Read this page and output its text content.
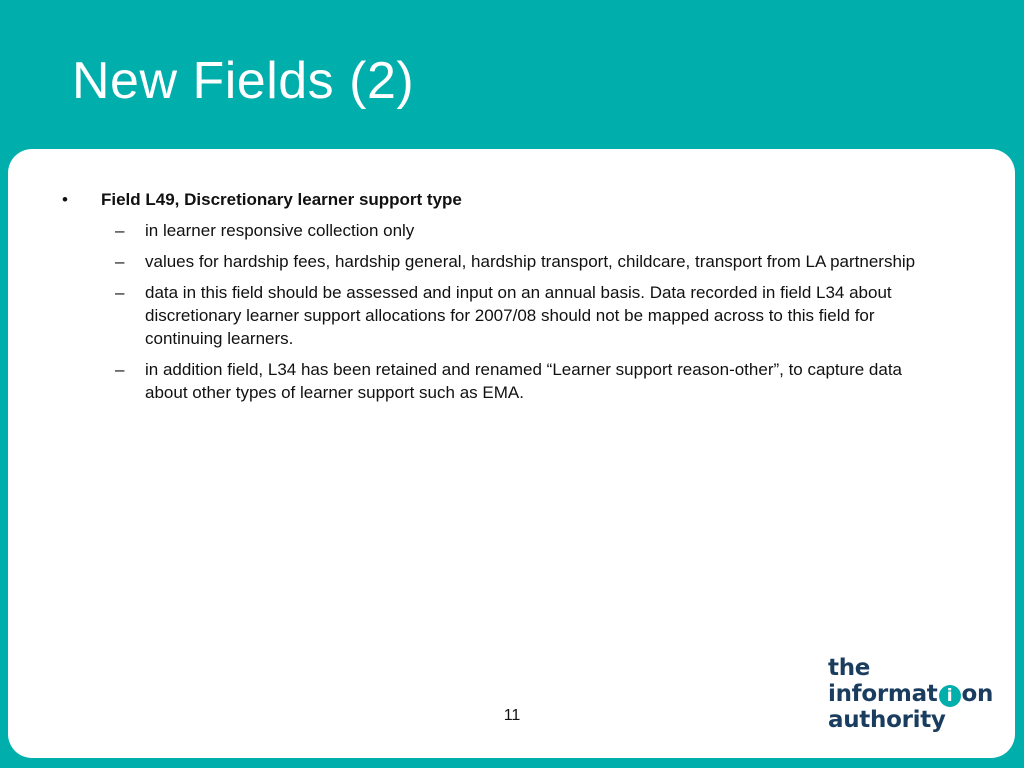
New Fields (2)
• Field L49, Discretionary learner support type
– in learner responsive collection only
– values for hardship fees, hardship general, hardship transport, childcare, transport from LA partnership
– data in this field should be assessed and input on an annual basis. Data recorded in field L34 about discretionary learner support allocations for 2007/08 should not be mapped across to this field for continuing learners.
– in addition field, L34 has been retained and renamed “Learner support reason-other”, to capture data about other types of learner support such as EMA.
11
the
informat i on
authority
